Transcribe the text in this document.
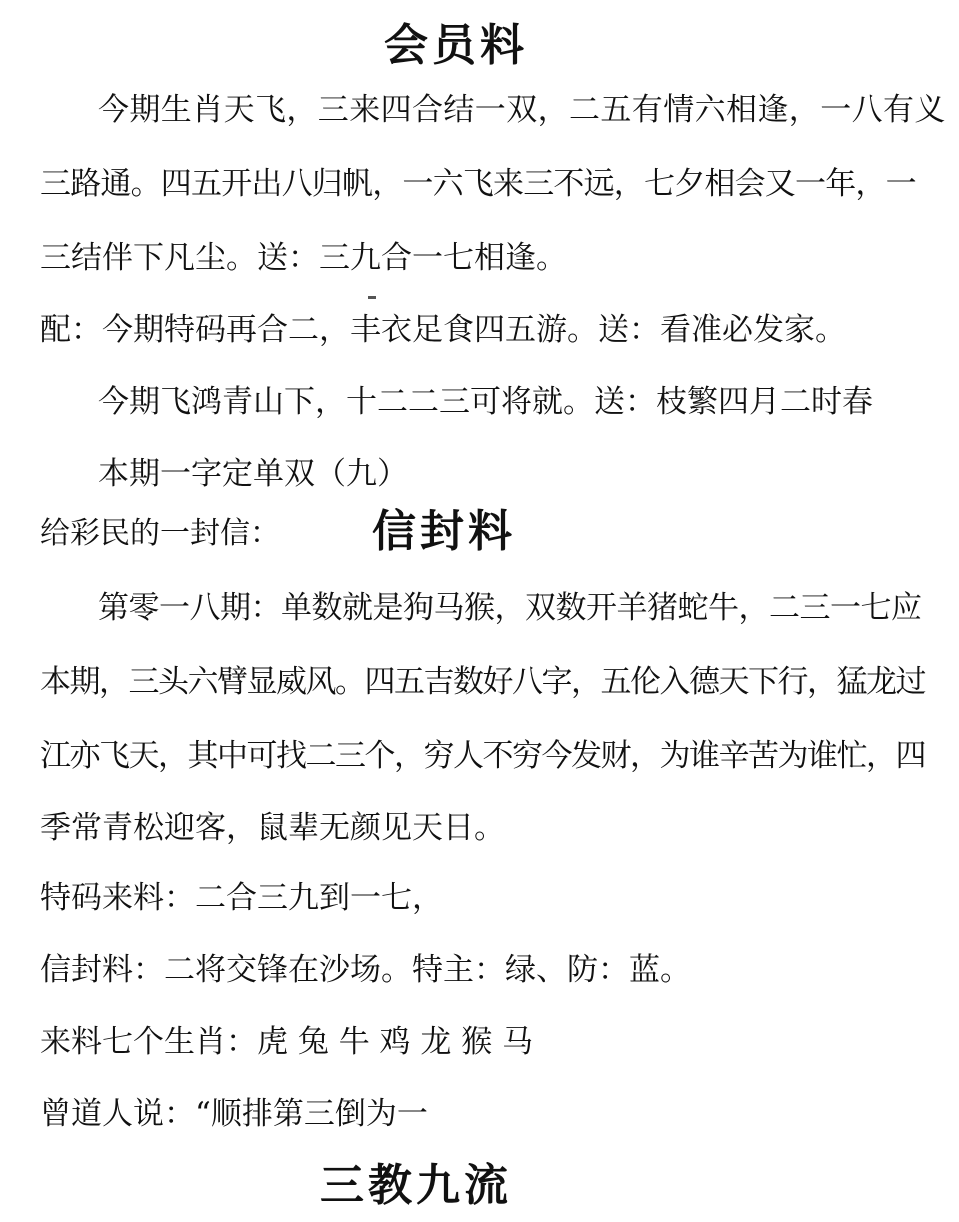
会员料
今期生肖天飞，三来四合结一双，二五有情六相逢，一八有义
三路通。四五开出八归帆，一六飞来三不远，七夕相会又一年，一
三结伴下凡尘。送：三九合一七相逢。
配：今期特码再合二，丰衣足食四五游。送：看准必发家。
今期飞鸿青山下，十二二三可将就。送：枝繁四月二时春
本期一字定单双（九）
给彩民的一封信： 信封料
第零一八期：单数就是狗马猴，双数开羊猪蛇牛，二三一七应
本期，三头六臂显威风。四五吉数好八字，五伦入德天下行，猛龙过
江亦飞天，其中可找二三个，穷人不穷今发财，为谁辛苦为谁忙，四
季常青松迎客，鼠辈无颜见天日。
特码来料：二合三九到一七，
信封料：二将交锋在沙场。特主：绿、防：蓝。
来料七个生肖：虎 兔 牛 鸡 龙 猴 马
曾道人说：“顺排第三倒为一
三教九流
